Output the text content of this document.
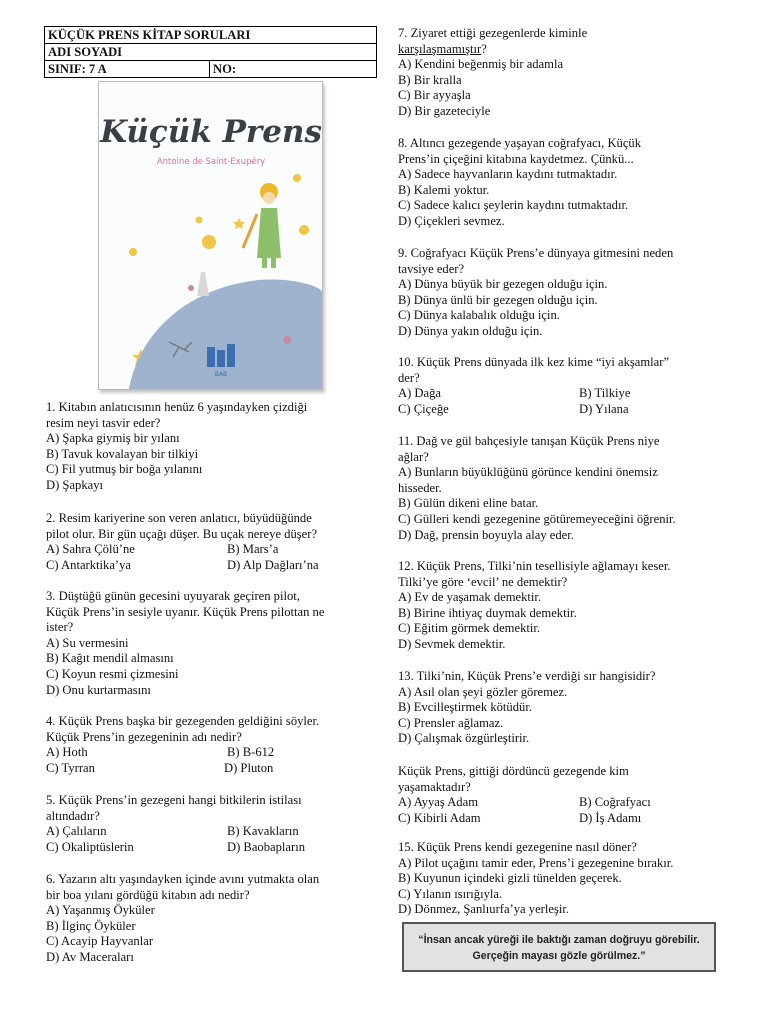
KÜÇÜK PRENS KİTAP SORULARI
ADI SOYADI
SINIF: 7 A	NO:
Küçük Prens
Antoine de Saint-Exupéry
BAB
1. Kitabın anlatıcısının henüz 6 yaşındayken çizdiği
resim neyi tasvir eder?
A) Şapka giymiş bir yılanı
B) Tavuk kovalayan bir tilkiyi
C) Fil yutmuş bir boğa yılanını
D) Şapkayı
2. Resim kariyerine son veren anlatıcı, büyüdüğünde
pilot olur. Bir gün uçağı düşer. Bu uçak nereye düşer?
A) Sahra Çölü’ne	B) Mars’a
C) Antarktika’ya	D) Alp Dağları’na
3. Düştüğü günün gecesini uyuyarak geçiren pilot,
Küçük Prens’in sesiyle uyanır. Küçük Prens pilottan ne
ister?
A) Su vermesini
B) Kağıt mendil almasını
C) Koyun resmi çizmesini
D) Onu kurtarmasını
4. Küçük Prens başka bir gezegenden geldiğini söyler.
Küçük Prens’in gezegeninin adı nedir?
A) Hoth	B) B-612
C) Tyrran	D) Pluton
5. Küçük Prens’in gezegeni hangi bitkilerin istilası
altındadır?
A) Çalıların	B) Kavakların
C) Okaliptüslerin	D) Baobapların
6. Yazarın altı yaşındayken içinde avını yutmakta olan
bir boa yılanı gördüğü kitabın adı nedir?
A) Yaşanmış Öyküler
B) İlginç Öyküler
C) Acayip Hayvanlar
D) Av Maceraları
7. Ziyaret ettiği gezegenlerde kiminle
karşılaşmamıştır?
A) Kendini beğenmiş bir adamla
B) Bir kralla
C) Bir ayyaşla
D) Bir gazeteciyle
8. Altıncı gezegende yaşayan coğrafyacı, Küçük
Prens’in çiçeğini kitabına kaydetmez. Çünkü...
A) Sadece hayvanların kaydını tutmaktadır.
B) Kalemi yoktur.
C) Sadece kalıcı şeylerin kaydını tutmaktadır.
D) Çiçekleri sevmez.
9. Coğrafyacı Küçük Prens’e dünyaya gitmesini neden
tavsiye eder?
A) Dünya büyük bir gezegen olduğu için.
B) Dünya ünlü bir gezegen olduğu için.
C) Dünya kalabalık olduğu için.
D) Dünya yakın olduğu için.
10. Küçük Prens dünyada ilk kez kime “iyi akşamlar”
der?
A) Dağa	B) Tilkiye
C) Çiçeğe	D) Yılana
11. Dağ ve gül bahçesiyle tanışan Küçük Prens niye
ağlar?
A) Bunların büyüklüğünü görünce kendini önemsiz
hisseder.
B) Gülün dikeni eline batar.
C) Gülleri kendi gezegenine götüremeyeceğini öğrenir.
D) Dağ, prensin boyuyla alay eder.
12. Küçük Prens, Tilki’nin tesellisiyle ağlamayı keser.
Tilki’ye göre ‘evcil’ ne demektir?
A) Ev de yaşamak demektir.
B) Birine ihtiyaç duymak demektir.
C) Eğitim görmek demektir.
D) Sevmek demektir.
13. Tilki’nin, Küçük Prens’e verdiği sır hangisidir?
A) Asıl olan şeyi gözler göremez.
B) Evcilleştirmek kötüdür.
C) Prensler ağlamaz.
D) Çalışmak özgürleştirir.
Küçük Prens, gittiği dördüncü gezegende kim
yaşamaktadır?
A) Ayyaş Adam	B) Coğrafyacı
C) Kibirli Adam	D) İş Adamı
15. Küçük Prens kendi gezegenine nasıl döner?
A) Pilot uçağını tamir eder, Prens’i gezegenine bırakır.
B) Kuyunun içindeki gizli tünelden geçerek.
C) Yılanın ısırığıyla.
D) Dönmez, Şanlıurfa’ya yerleşir.
“İnsan ancak yüreği ile baktığı zaman doğruyu görebilir.
Gerçeğin mayası gözle görülmez.”
